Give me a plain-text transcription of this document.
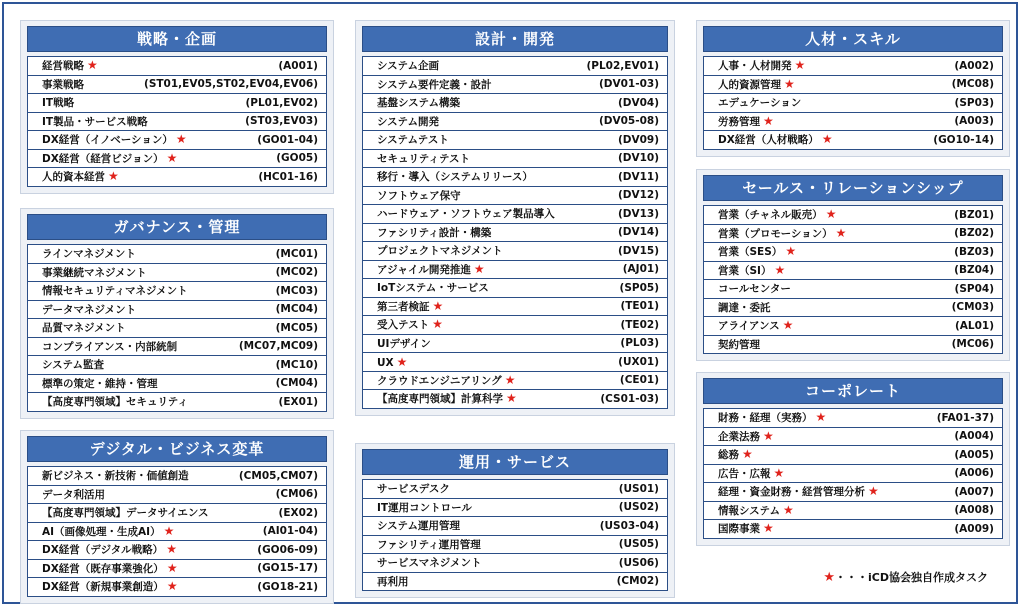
戦略・企画
経営戦略 ★	(A001)
事業戦略	(ST01,EV05,ST02,EV04,EV06)
IT戦略	(PL01,EV02)
IT製品・サービス戦略	(ST03,EV03)
DX経営（イノベーション） ★	(GO01-04)
DX経営（経営ビジョン） ★	(GO05)
人的資本経営 ★	(HC01-16)
ガバナンス・管理
ラインマネジメント	(MC01)
事業継続マネジメント	(MC02)
情報セキュリティマネジメント	(MC03)
データマネジメント	(MC04)
品質マネジメント	(MC05)
コンプライアンス・内部統制	(MC07,MC09)
システム監査	(MC10)
標準の策定・維持・管理	(CM04)
【高度専門領域】セキュリティ	(EX01)
デジタル・ビジネス変革
新ビジネス・新技術・価値創造	(CM05,CM07)
データ利活用	(CM06)
【高度専門領域】データサイエンス	(EX02)
AI（画像処理・生成AI） ★	(AI01-04)
DX経営（デジタル戦略） ★	(GO06-09)
DX経営（既存事業強化） ★	(GO15-17)
DX経営（新規事業創造） ★	(GO18-21)
設計・開発
システム企画	(PL02,EV01)
システム要件定義・設計	(DV01-03)
基盤システム構築	(DV04)
システム開発	(DV05-08)
システムテスト	(DV09)
セキュリティテスト	(DV10)
移行・導入（システムリリース）	(DV11)
ソフトウェア保守	(DV12)
ハードウェア・ソフトウェア製品導入	(DV13)
ファシリティ設計・構築	(DV14)
プロジェクトマネジメント	(DV15)
アジャイル開発推進 ★	(AJ01)
IoTシステム・サービス	(SP05)
第三者検証 ★	(TE01)
受入テスト ★	(TE02)
UIデザイン	(PL03)
UX ★	(UX01)
クラウドエンジニアリング ★	(CE01)
【高度専門領域】計算科学 ★	(CS01-03)
運用・サービス
サービスデスク	(US01)
IT運用コントロール	(US02)
システム運用管理	(US03-04)
ファシリティ運用管理	(US05)
サービスマネジメント	(US06)
再利用	(CM02)
人材・スキル
人事・人材開発 ★	(A002)
人的資源管理 ★	(MC08)
エデュケーション	(SP03)
労務管理 ★	(A003)
DX経営（人材戦略） ★	(GO10-14)
セールス・リレーションシップ
営業（チャネル販売） ★	(BZ01)
営業（プロモーション） ★	(BZ02)
営業（SES） ★	(BZ03)
営業（SI） ★	(BZ04)
コールセンター	(SP04)
調達・委託	(CM03)
アライアンス ★	(AL01)
契約管理	(MC06)
コーポレート
財務・経理（実務） ★	(FA01-37)
企業法務 ★	(A004)
総務 ★	(A005)
広告・広報 ★	(A006)
経理・資金財務・経営管理分析 ★	(A007)
情報システム ★	(A008)
国際事業 ★	(A009)
★・・・iCD協会独自作成タスク
